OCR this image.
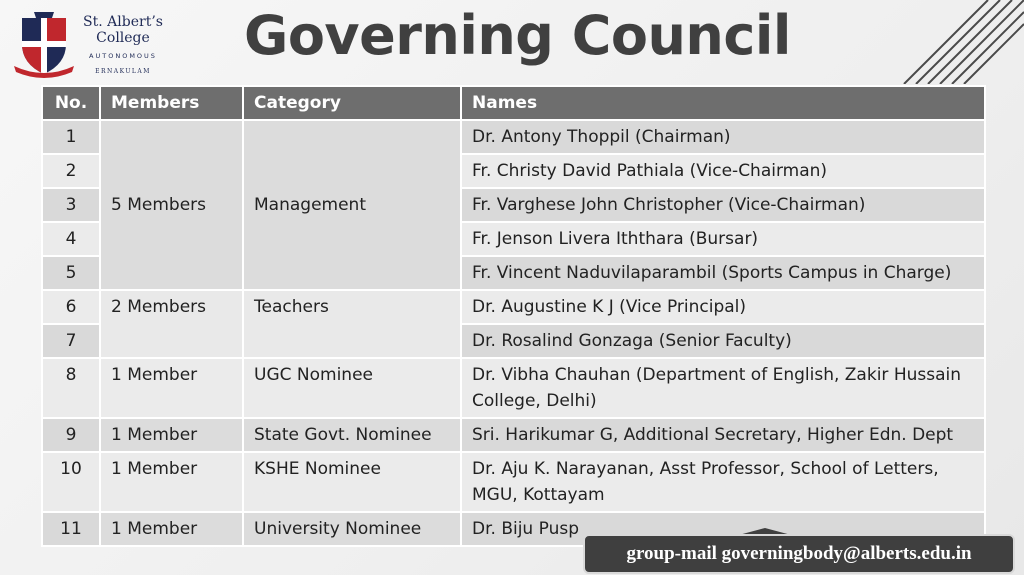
St. Albert’s
College
AUTONOMOUS
ERNAKULAM
Governing Council
No.	Members	Category	Names
1	5 Members	Management	Dr. Antony Thoppil (Chairman)
2			Fr. Christy David Pathiala (Vice-Chairman)
3			Fr. Varghese John Christopher (Vice-Chairman)
4			Fr. Jenson Livera Iththara (Bursar)
5			Fr. Vincent Naduvilaparambil (Sports Campus in Charge)
6	2 Members	Teachers	Dr. Augustine K J (Vice Principal)
7			Dr. Rosalind Gonzaga (Senior Faculty)
8	1 Member	UGC Nominee	Dr. Vibha Chauhan (Department of English, Zakir Hussain College, Delhi)
9	1 Member	State Govt. Nominee	Sri. Harikumar G, Additional Secretary, Higher Edn. Dept
10	1 Member	KSHE Nominee	Dr. Aju K. Narayanan, Asst Professor, School of Letters, MGU, Kottayam
11	1 Member	University Nominee	Dr. Biju Pusp
group-mail
governingbody@alberts.edu.in
